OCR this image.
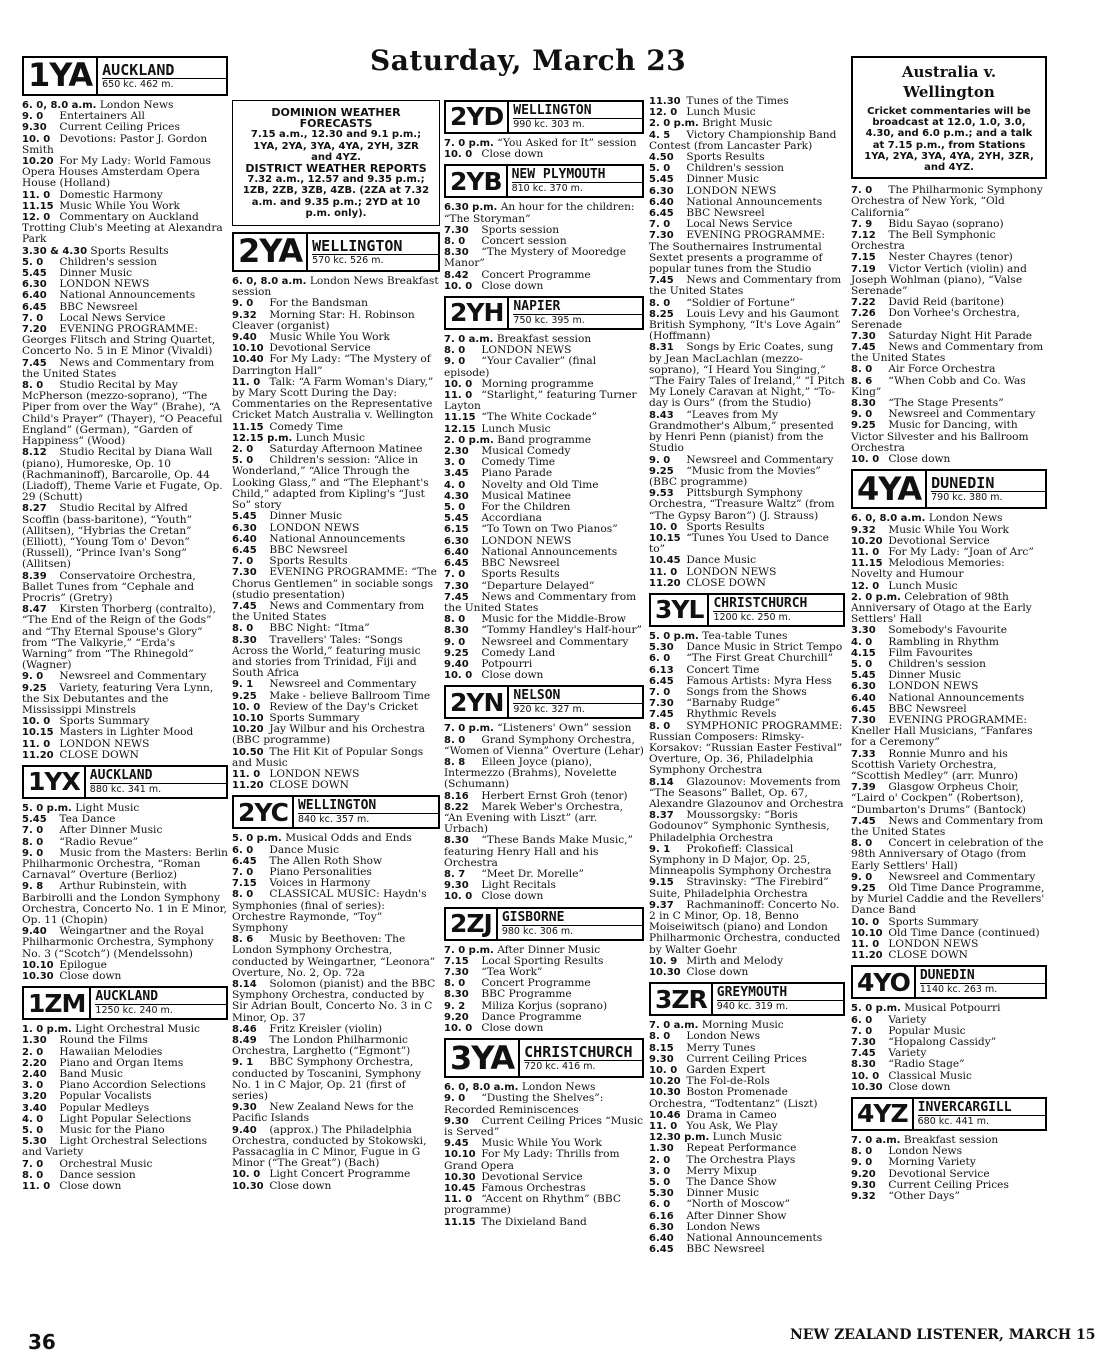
Saturday, March 23
1YA AUCKLAND
650 kc. 462 m.
6. 0, 8.0 a.m. London News
9. 0 Entertainers All
9.30 Current Ceiling Prices
10. 0 Devotions: Pastor J. Gordon Smith
10.20 For My Lady: World Famous Opera Houses Amsterdam Opera House (Holland)
11. 0 Domestic Harmony
11.15 Music While You Work
12. 0 Commentary on Auckland Trotting Club's Meeting at Alexandra Park
3.30 & 4.30 Sports Results
5. 0 Children's session
5.45 Dinner Music
6.30 LONDON NEWS
6.40 National Announcements
6.45 BBC Newsreel
7. 0 Local News Service
7.20 EVENING PROGRAMME: Georges Flitsch and String Quartet, Concerto No. 5 in E Minor (Vivaldi)
7.45 News and Commentary from the United States
8. 0 Studio Recital by May McPherson (mezzo-soprano), “The Piper from over the Way” (Brahe), “A Child's Prayer” (Thayer), “O Peaceful England” (German), “Garden of Happiness” (Wood)
8.12 Studio Recital by Diana Wall (piano), Humoreske, Op. 10 (Rachmaninoff), Barcarolle, Op. 44 (Liadoff), Theme Varie et Fugate, Op. 29 (Schutt)
8.27 Studio Recital by Alfred Scoffin (bass-baritone), “Youth” (Allitsen), “Hybrias the Cretan” (Elliott), “Young Tom o' Devon” (Russell), “Prince Ivan's Song” (Allitsen)
8.39 Conservatoire Orchestra, Ballet Tunes from “Cephale and Procris” (Gretry)
8.47 Kirsten Thorberg (contralto), “The End of the Reign of the Gods” and “Thy Eternal Spouse's Glory” from “The Valkyrie,” “Erda's Warning” from “The Rhinegold” (Wagner)
9. 0 Newsreel and Commentary
9.25 Variety, featuring Vera Lynn, the Six Debutantes and the Mississippi Minstrels
10. 0 Sports Summary
10.15 Masters in Lighter Mood
11. 0 LONDON NEWS
11.20 CLOSE DOWN
1YX AUCKLAND
880 kc. 341 m.
5. 0 p.m. Light Music
5.45 Tea Dance
7. 0 After Dinner Music
8. 0 “Radio Revue”
9. 0 Music from the Masters: Berlin Philharmonic Orchestra, “Roman Carnaval” Overture (Berlioz)
9. 8 Arthur Rubinstein, with Barbirolli and the London Symphony Orchestra, Concerto No. 1 in E Minor, Op. 11 (Chopin)
9.40 Weingartner and the Royal Philharmonic Orchestra, Symphony No. 3 (“Scotch”) (Mendelssohn)
10.10 Epilogue
10.30 Close down
1ZM AUCKLAND
1250 kc. 240 m.
1. 0 p.m. Light Orchestral Music
1.30 Round the Films
2. 0 Hawaiian Melodies
2.20 Piano and Organ Items
2.40 Band Music
3. 0 Piano Accordion Selections
3.20 Popular Vocalists
3.40 Popular Medleys
4. 0 Light Popular Selections
5. 0 Music for the Piano
5.30 Light Orchestral Selections and Variety
7. 0 Orchestral Music
8. 0 Dance session
11. 0 Close down
DOMINION WEATHER FORECASTS
7.15 a.m., 12.30 and 9.1 p.m.; 1YA, 2YA, 3YA, 4YA, 2YH, 3ZR and 4YZ.
DISTRICT WEATHER REPORTS
7.32 a.m., 12.57 and 9.35 p.m.; 1ZB, 2ZB, 3ZB, 4ZB. (2ZA at 7.32 a.m. and 9.35 p.m.; 2YD at 10 p.m. only).
2YA WELLINGTON
570 kc. 526 m.
6. 0, 8.0 a.m. London News Breakfast session
9. 0 For the Bandsman
9.32 Morning Star: H. Robinson Cleaver (organist)
9.40 Music While You Work
10.10 Devotional Service
10.40 For My Lady: “The Mystery of Darrington Hall”
11. 0 Talk: “A Farm Woman's Diary,” by Mary Scott During the Day: Commentaries on the Representative Cricket Match Australia v. Wellington
11.15 Comedy Time
12.15 p.m. Lunch Music
2. 0 Saturday Afternoon Matinee
5. 0 Children's session: “Alice in Wonderland,” “Alice Through the Looking Glass,” and “The Elephant's Child,” adapted from Kipling's “Just So” story
5.45 Dinner Music
6.30 LONDON NEWS
6.40 National Announcements
6.45 BBC Newsreel
7. 0 Sports Results
7.30 EVENING PROGRAMME: “The Chorus Gentlemen” in sociable songs (studio presentation)
7.45 News and Commentary from the United States
8. 0 BBC Night: “Itma”
8.30 Travellers' Tales: “Songs Across the World,” featuring music and stories from Trinidad, Fiji and South Africa
9. 1 Newsreel and Commentary
9.25 Make - believe Ballroom Time
10. 0 Review of the Day's Cricket
10.10 Sports Summary
10.20 Jay Wilbur and his Orchestra (BBC programme)
10.50 The Hit Kit of Popular Songs and Music
11. 0 LONDON NEWS
11.20 CLOSE DOWN
2YC WELLINGTON
840 kc. 357 m.
5. 0 p.m. Musical Odds and Ends
6. 0 Dance Music
6.45 The Allen Roth Show
7. 0 Piano Personalities
7.15 Voices in Harmony
8. 0 CLASSICAL MUSIC: Haydn's Symphonies (final of series): Orchestre Raymonde, “Toy” Symphony
8. 6 Music by Beethoven: The London Symphony Orchestra, conducted by Weingartner, “Leonora” Overture, No. 2, Op. 72a
8.14 Solomon (pianist) and the BBC Symphony Orchestra, conducted by Sir Adrian Boult, Concerto No. 3 in C Minor, Op. 37
8.46 Fritz Kreisler (violin)
8.49 The London Philharmonic Orchestra, Larghetto (“Egmont”)
9. 1 BBC Symphony Orchestra, conducted by Toscanini, Symphony No. 1 in C Major, Op. 21 (first of series)
9.30 New Zealand News for the Pacific Islands
9.40 (approx.) The Philadelphia Orchestra, conducted by Stokowski, Passacaglia in C Minor, Fugue in G Minor (“The Great”) (Bach)
10. 0 Light Concert Programme
10.30 Close down
2YD WELLINGTON
990 kc. 303 m.
7. 0 p.m. “You Asked for It” session
10. 0 Close down
2YB NEW PLYMOUTH
810 kc. 370 m.
6.30 p.m. An hour for the children: “The Storyman”
7.30 Sports session
8. 0 Concert session
8.30 “The Mystery of Mooredge Manor”
8.42 Concert Programme
10. 0 Close down
2YH NAPIER
750 kc. 395 m.
7. 0 a.m. Breakfast session
8. 0 LONDON NEWS
9. 0 “Your Cavalier” (final episode)
10. 0 Morning programme
11. 0 “Starlight,” featuring Turner Layton
11.15 “The White Cockade”
12.15 Lunch Music
2. 0 p.m. Band programme
2.30 Musical Comedy
3. 0 Comedy Time
3.45 Piano Parade
4. 0 Novelty and Old Time
4.30 Musical Matinee
5. 0 For the Children
5.45 Accordiana
6.15 “To Town on Two Pianos”
6.30 LONDON NEWS
6.40 National Announcements
6.45 BBC Newsreel
7. 0 Sports Results
7.30 “Departure Delayed”
7.45 News and Commentary from the United States
8. 0 Music for the Middle-Brow
8.30 “Tommy Handley's Half-hour”
9. 0 Newsreel and Commentary
9.25 Comedy Land
9.40 Potpourri
10. 0 Close down
2YN NELSON
920 kc. 327 m.
7. 0 p.m. “Listeners' Own” session
8. 0 Grand Symphony Orchestra, “Women of Vienna” Overture (Lehar)
8. 8 Eileen Joyce (piano), Intermezzo (Brahms), Novelette (Schumann)
8.16 Herbert Ernst Groh (tenor)
8.22 Marek Weber's Orchestra, “An Evening with Liszt” (arr. Urbach)
8.30 “These Bands Make Music,” featuring Henry Hall and his Orchestra
8. 7 “Meet Dr. Morelle”
9.30 Light Recitals
10. 0 Close down
2ZJ GISBORNE
980 kc. 306 m.
7. 0 p.m. After Dinner Music
7.15 Local Sporting Results
7.30 “Tea Work”
8. 0 Concert Programme
8.30 BBC Programme
9. 2 Miliza Korjus (soprano)
9.20 Dance Programme
10. 0 Close down
3YA CHRISTCHURCH
720 kc. 416 m.
6. 0, 8.0 a.m. London News
9. 0 “Dusting the Shelves”: Recorded Reminiscences
9.30 Current Ceiling Prices “Music is Served”
9.45 Music While You Work
10.10 For My Lady: Thrills from Grand Opera
10.30 Devotional Service
10.45 Famous Orchestras
11. 0 “Accent on Rhythm” (BBC programme)
11.15 The Dixieland Band
11.30 Tunes of the Times
12. 0 Lunch Music
2. 0 p.m. Bright Music
4. 5 Victory Championship Band Contest (from Lancaster Park)
4.50 Sports Results
5. 0 Children's session
5.45 Dinner Music
6.30 LONDON NEWS
6.40 National Announcements
6.45 BBC Newsreel
7. 0 Local News Service
7.30 EVENING PROGRAMME: The Southernaires Instrumental Sextet presents a programme of popular tunes from the Studio
7.45 News and Commentary from the United States
8. 0 “Soldier of Fortune”
8.25 Louis Levy and his Gaumont British Symphony, “It's Love Again” (Hoffmann)
8.31 Songs by Eric Coates, sung by Jean MacLachlan (mezzo-soprano), “I Heard You Singing,” “The Fairy Tales of Ireland,” “I Pitch My Lonely Caravan at Night,” “To-day is Ours” (from the Studio)
8.43 “Leaves from My Grandmother's Album,” presented by Henri Penn (pianist) from the Studio
9. 0 Newsreel and Commentary
9.25 “Music from the Movies” (BBC programme)
9.53 Pittsburgh Symphony Orchestra, “Treasure Waltz” (from “The Gypsy Baron”) (J. Strauss)
10. 0 Sports Results
10.15 “Tunes You Used to Dance to”
10.45 Dance Music
11. 0 LONDON NEWS
11.20 CLOSE DOWN
3YL CHRISTCHURCH
1200 kc. 250 m.
5. 0 p.m. Tea-table Tunes
5.30 Dance Music in Strict Tempo
6. 0 “The First Great Churchill”
6.13 Concert Time
6.45 Famous Artists: Myra Hess
7. 0 Songs from the Shows
7.30 “Barnaby Rudge”
7.45 Rhythmic Revels
8. 0 SYMPHONIC PROGRAMME: Russian Composers: Rimsky-Korsakov: “Russian Easter Festival” Overture, Op. 36, Philadelphia Symphony Orchestra
8.14 Glazounov: Movements from “The Seasons” Ballet, Op. 67, Alexandre Glazounov and Orchestra
8.37 Moussorgsky: “Boris Godounov” Symphonic Synthesis, Philadelphia Orchestra
9. 1 Prokofieff: Classical Symphony in D Major, Op. 25, Minneapolis Symphony Orchestra
9.15 Stravinsky: “The Firebird” Suite, Philadelphia Orchestra
9.37 Rachmaninoff: Concerto No. 2 in C Minor, Op. 18, Benno Moiseiwitsch (piano) and London Philharmonic Orchestra, conducted by Walter Goehr
10. 9 Mirth and Melody
10.30 Close down
3ZR GREYMOUTH
940 kc. 319 m.
7. 0 a.m. Morning Music
8. 0 London News
8.15 Merry Tunes
9.30 Current Ceiling Prices
10. 0 Garden Expert
10.20 The Fol-de-Rols
10.30 Boston Promenade Orchestra, “Todtentanz” (Liszt)
10.46 Drama in Cameo
11. 0 You Ask, We Play
12.30 p.m. Lunch Music
1.30 Repeat Performance
2. 0 The Orchestra Plays
3. 0 Merry Mixup
5. 0 The Dance Show
5.30 Dinner Music
6. 0 “North of Moscow”
6.16 After Dinner Show
6.30 London News
6.40 National Announcements
6.45 BBC Newsreel
Australia v. Wellington
Cricket commentaries will be broadcast at 12.0, 1.0, 3.0, 4.30, and 6.0 p.m.; and a talk at 7.15 p.m., from Stations 1YA, 2YA, 3YA, 4YA, 2YH, 3ZR, and 4YZ.
7. 0 The Philharmonic Symphony Orchestra of New York, “Old California”
7. 9 Bidu Sayao (soprano)
7.12 The Bell Symphonic Orchestra
7.15 Nester Chayres (tenor)
7.19 Victor Vertich (violin) and Joseph Wohlman (piano), “Valse Serenade”
7.22 David Reid (baritone)
7.26 Don Vorhee's Orchestra, Serenade
7.30 Saturday Night Hit Parade
7.45 News and Commentary from the United States
8. 0 Air Force Orchestra
8. 6 “When Cobb and Co. Was King”
8.30 “The Stage Presents”
9. 0 Newsreel and Commentary
9.25 Music for Dancing, with Victor Silvester and his Ballroom Orchestra
10. 0 Close down
4YA DUNEDIN
790 kc. 380 m.
6. 0, 8.0 a.m. London News
9.32 Music While You Work
10.20 Devotional Service
11. 0 For My Lady: “Joan of Arc”
11.15 Melodious Memories: Novelty and Humour
12. 0 Lunch Music
2. 0 p.m. Celebration of 98th Anniversary of Otago at the Early Settlers' Hall
3.30 Somebody's Favourite
4. 0 Rambling in Rhythm
4.15 Film Favourites
5. 0 Children's session
5.45 Dinner Music
6.30 LONDON NEWS
6.40 National Announcements
6.45 BBC Newsreel
7.30 EVENING PROGRAMME: Kneller Hall Musicians, “Fanfares for a Ceremony”
7.33 Ronnie Munro and his Scottish Variety Orchestra, “Scottish Medley” (arr. Munro)
7.39 Glasgow Orpheus Choir, “Laird o' Cockpen” (Robertson), “Dumbarton's Drums” (Bantock)
7.45 News and Commentary from the United States
8. 0 Concert in celebration of the 98th Anniversary of Otago (from Early Settlers' Hall)
9. 0 Newsreel and Commentary
9.25 Old Time Dance Programme, by Muriel Caddie and the Revellers' Dance Band
10. 0 Sports Summary
10.10 Old Time Dance (continued)
11. 0 LONDON NEWS
11.20 CLOSE DOWN
4YO DUNEDIN
1140 kc. 263 m.
5. 0 p.m. Musical Potpourri
6. 0 Variety
7. 0 Popular Music
7.30 “Hopalong Cassidy”
7.45 Variety
8.30 “Radio Stage”
10. 0 Classical Music
10.30 Close down
4YZ INVERCARGILL
680 kc. 441 m.
7. 0 a.m. Breakfast session
8. 0 London News
9. 0 Morning Variety
9.20 Devotional Service
9.30 Current Ceiling Prices
9.32 “Other Days”
36	NEW ZEALAND LISTENER, MARCH 15
